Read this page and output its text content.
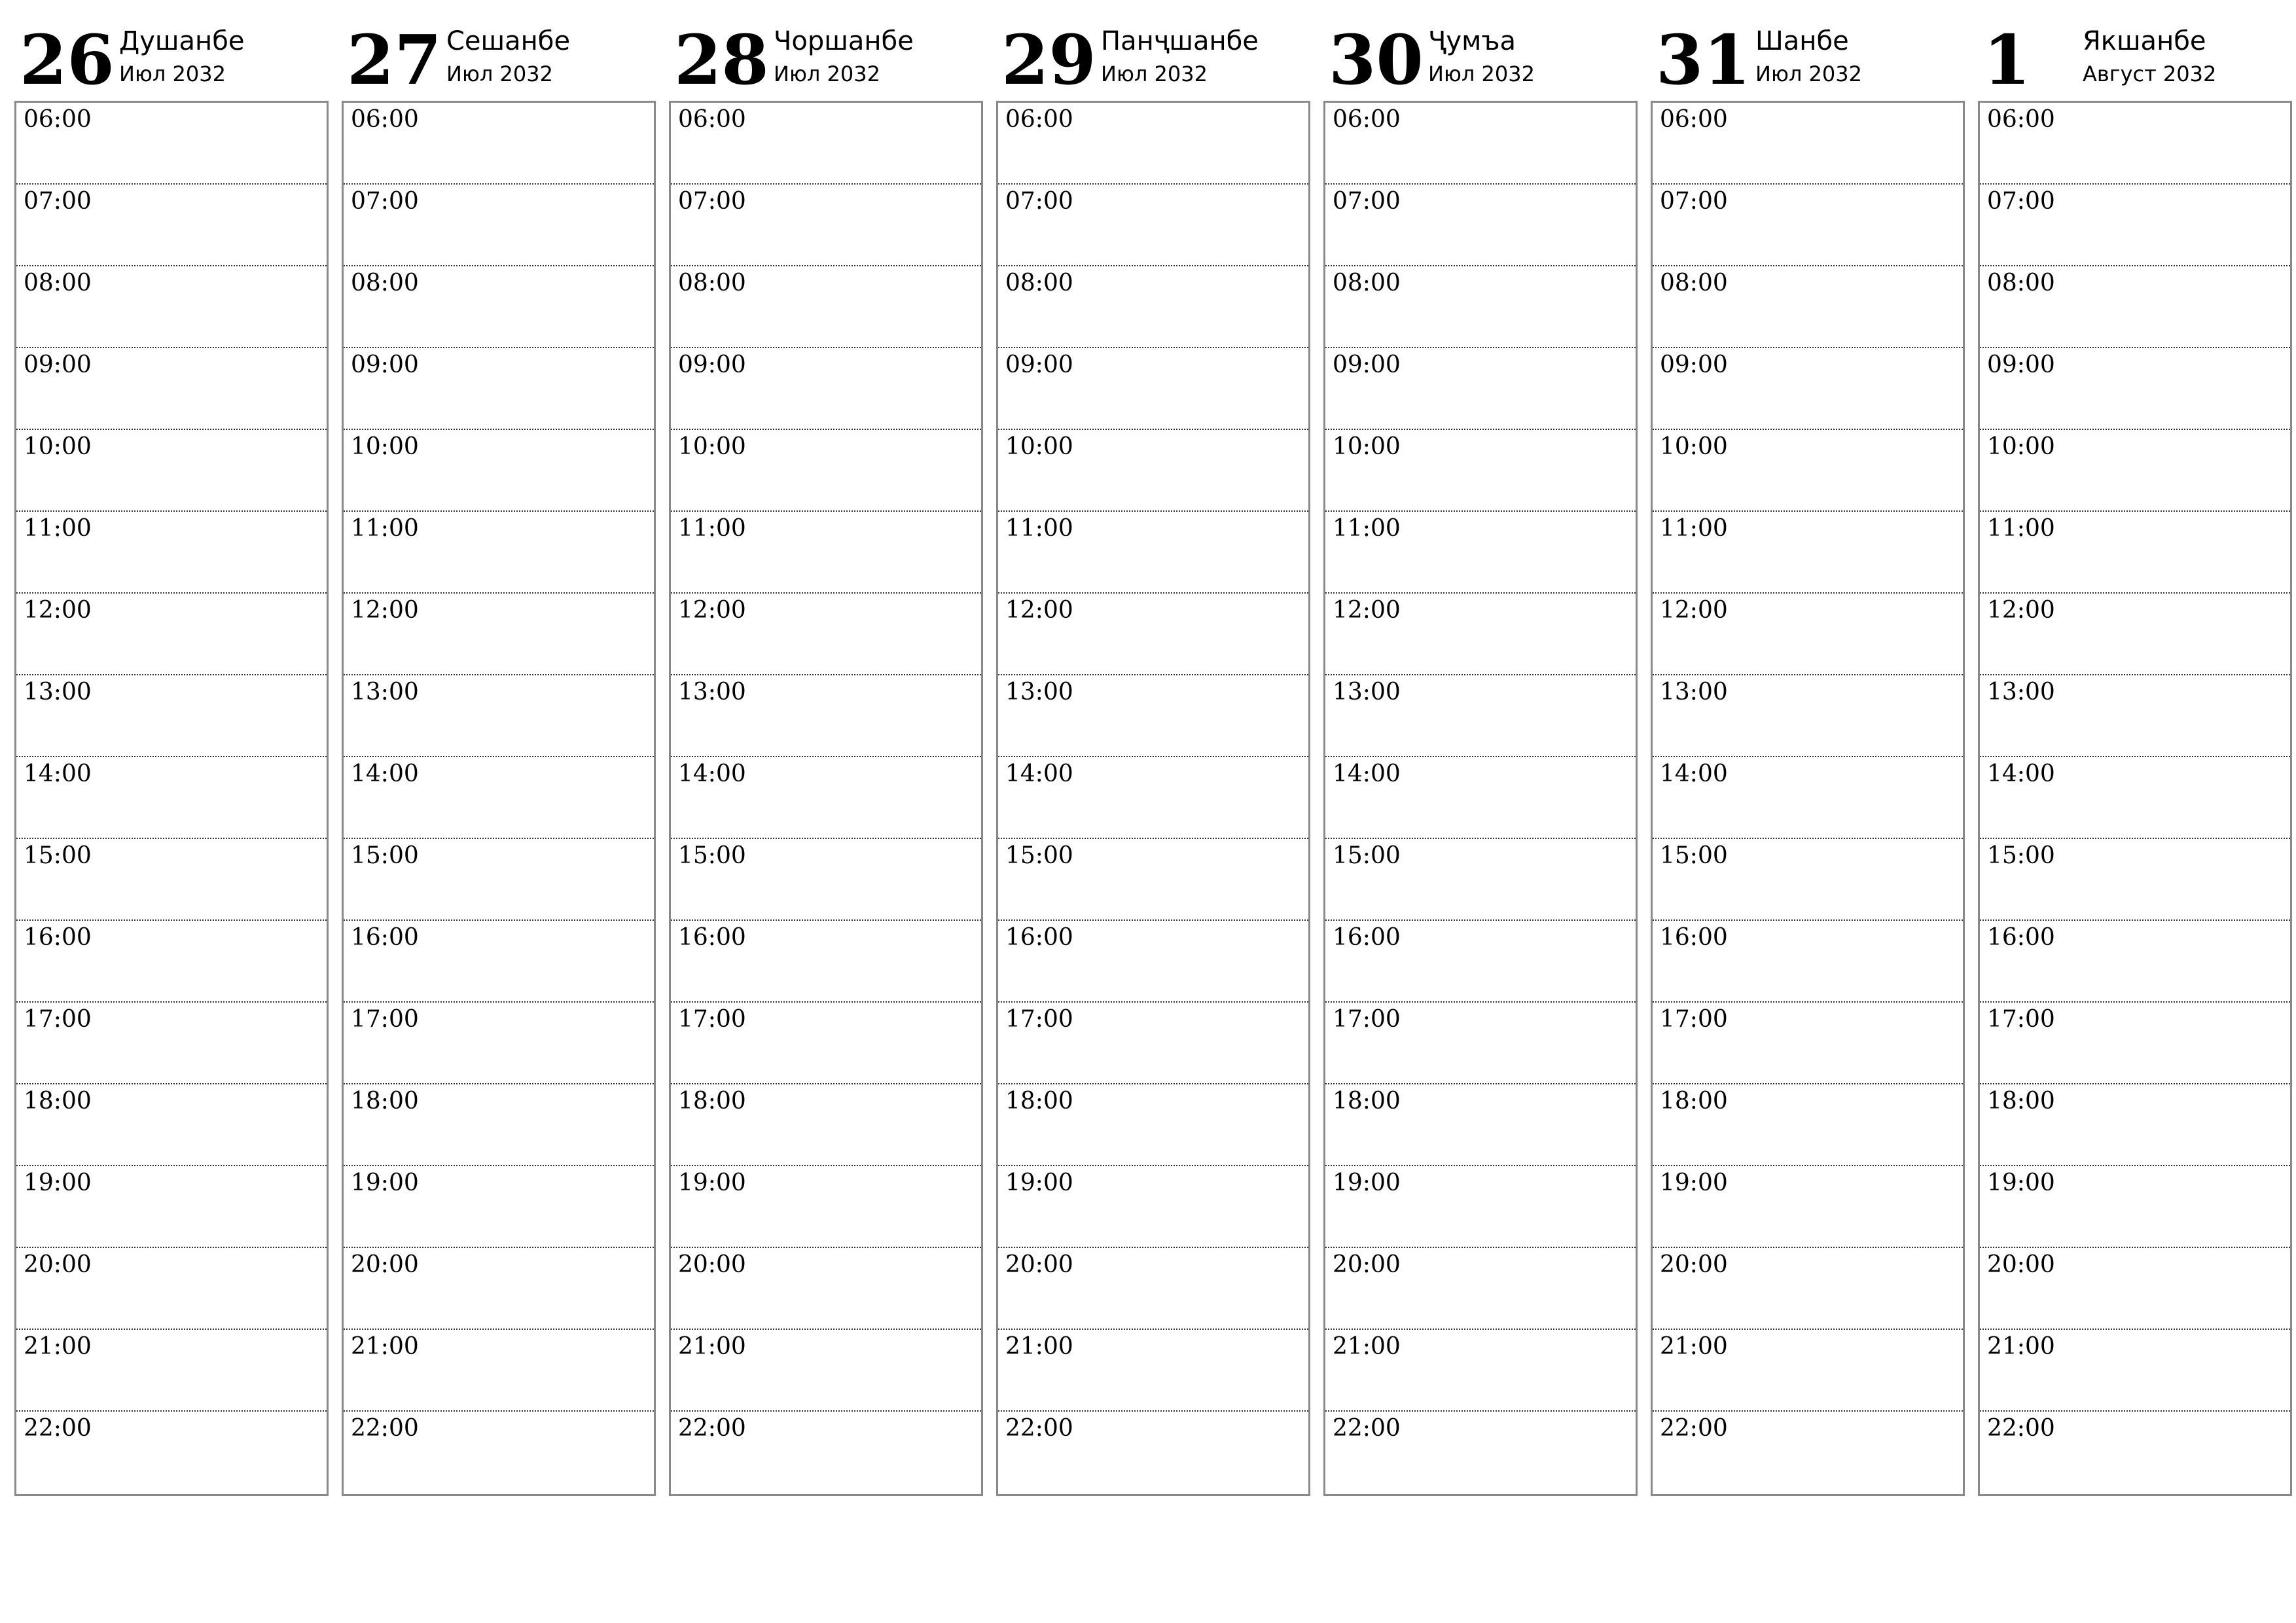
26 Душанбе
Июл 2032
06:00
07:00
08:00
09:00
10:00
11:00
12:00
13:00
14:00
15:00
16:00
17:00
18:00
19:00
20:00
21:00
22:00
27 Сешанбе
Июл 2032
06:00
07:00
08:00
09:00
10:00
11:00
12:00
13:00
14:00
15:00
16:00
17:00
18:00
19:00
20:00
21:00
22:00
28 Чоршанбе
Июл 2032
06:00
07:00
08:00
09:00
10:00
11:00
12:00
13:00
14:00
15:00
16:00
17:00
18:00
19:00
20:00
21:00
22:00
29 Панҷшанбе
Июл 2032
06:00
07:00
08:00
09:00
10:00
11:00
12:00
13:00
14:00
15:00
16:00
17:00
18:00
19:00
20:00
21:00
22:00
30 Ҷумъа
Июл 2032
06:00
07:00
08:00
09:00
10:00
11:00
12:00
13:00
14:00
15:00
16:00
17:00
18:00
19:00
20:00
21:00
22:00
31 Шанбе
Июл 2032
06:00
07:00
08:00
09:00
10:00
11:00
12:00
13:00
14:00
15:00
16:00
17:00
18:00
19:00
20:00
21:00
22:00
1 Якшанбе
Август 2032
06:00
07:00
08:00
09:00
10:00
11:00
12:00
13:00
14:00
15:00
16:00
17:00
18:00
19:00
20:00
21:00
22:00
